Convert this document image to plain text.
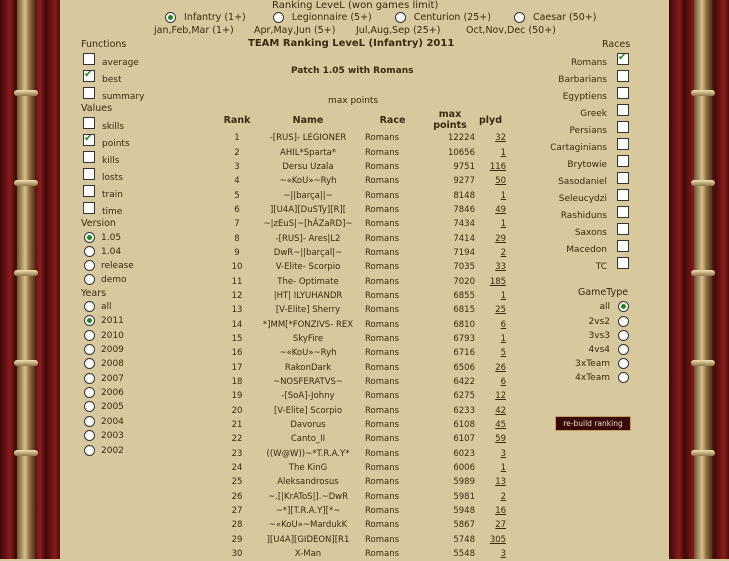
Ranking LeveL (won games limit)
Infantry (1+)	Legionnaire (5+)	Centurion (25+)	Caesar (50+)
jan,Feb,Mar (1+) Apr,May,Jun (5+) Jul,Aug,Sep (25+)	Oct,Nov,Dec (50+)
TEAM Ranking LeveL (Infantry) 2011
Patch 1.05 with Romans
max points
Functions
average
✔best
summary
Values
skills
✔points
kills
losts
train
time
Version
1.05
1.04
release
demo
Years
all
2011
2010
2009
2008
2007
2006
2005
2004
2003
2002
Races
Romans✔
Barbarians
Egyptiens
Greek
Persians
Cartaginians
Brytowie
Sasodaniel
Seleucydzi
Rashiduns
Saxons
Macedon
TC
GameType
all
2vs2
3vs3
4vs4
3xTeam
4xTeam
re-build ranking
Rank	Name	Race	max points	plyd
1	-[RUS]- LEGIONER	Romans	12224	32
2	AHIL*Sparta*	Romans	10656	1
3	Dersu Uzala	Romans	9751	116
4	~«KoU»~Ryh	Romans	9277	50
5	~||barça||~	Romans	8148	1
6	][U4A][DuSTy][R][	Romans	7846	49
7	~|zEuS|~[hÂZaRD]~	Romans	7434	1
8	-[RUS]- Ares|L2	Romans	7414	29
9	DwR~||barçal|~	Romans	7194	2
10	V-Elite- Scorpio	Romans	7035	33
11	The- Optimate	Romans	7020	185
12	|HT| ILYUHANDR	Romans	6855	1
13	[V-Elite] Sherry	Romans	6815	25
14	*]MM[*FONZIVS- REX	Romans	6810	6
15	SkyFire	Romans	6793	1
16	~«KoU»~Ryh	Romans	6716	5
17	RakonDark	Romans	6506	26
18	~NOSFERATVS~	Romans	6422	6
19	-[SoA]-Johny	Romans	6275	12
20	[V-Elite] Scorpio	Romans	6233	42
21	Davorus	Romans	6108	45
22	Canto_II	Romans	6107	59
23	((W@W))~*T.R.A.Y*	Romans	6023	3
24	The KinG	Romans	6006	1
25	Aleksandrosus	Romans	5989	13
26	~.[|KrAToS|].~DwR	Romans	5981	2
27	~*][T.R.A.Y][*~	Romans	5948	16
28	~«KoU»~MardukK	Romans	5867	27
29	][U4A][GIDEON][R1	Romans	5748	305
30	X-Man	Romans	5548	3
